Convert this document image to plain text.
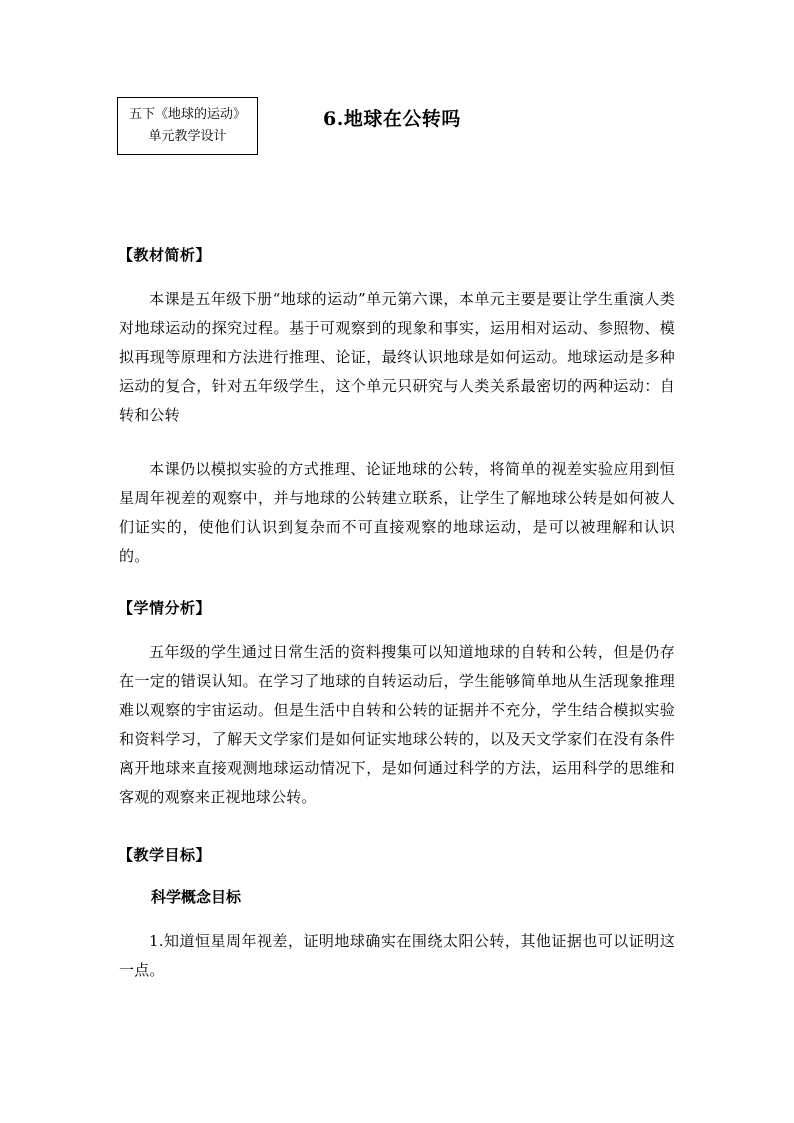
五下《地球的运动》
单元教学设计
6.地球在公转吗
【教材简析】
本课是五年级下册“地球的运动”单元第六课，本单元主要是要让学生重演人类对地球运动的探究过程。基于可观察到的现象和事实，运用相对运动、参照物、模拟再现等原理和方法进行推理、论证，最终认识地球是如何运动。地球运动是多种运动的复合，针对五年级学生，这个单元只研究与人类关系最密切的两种运动：自转和公转
本课仍以模拟实验的方式推理、论证地球的公转，将简单的视差实验应用到恒星周年视差的观察中，并与地球的公转建立联系，让学生了解地球公转是如何被人们证实的，使他们认识到复杂而不可直接观察的地球运动，是可以被理解和认识的。
【学情分析】
五年级的学生通过日常生活的资料搜集可以知道地球的自转和公转，但是仍存在一定的错误认知。在学习了地球的自转运动后，学生能够简单地从生活现象推理难以观察的宇宙运动。但是生活中自转和公转的证据并不充分，学生结合模拟实验和资料学习，了解天文学家们是如何证实地球公转的，以及天文学家们在没有条件离开地球来直接观测地球运动情况下，是如何通过科学的方法，运用科学的思维和客观的观察来正视地球公转。
【教学目标】
科学概念目标
1.知道恒星周年视差，证明地球确实在围绕太阳公转，其他证据也可以证明这一点。
